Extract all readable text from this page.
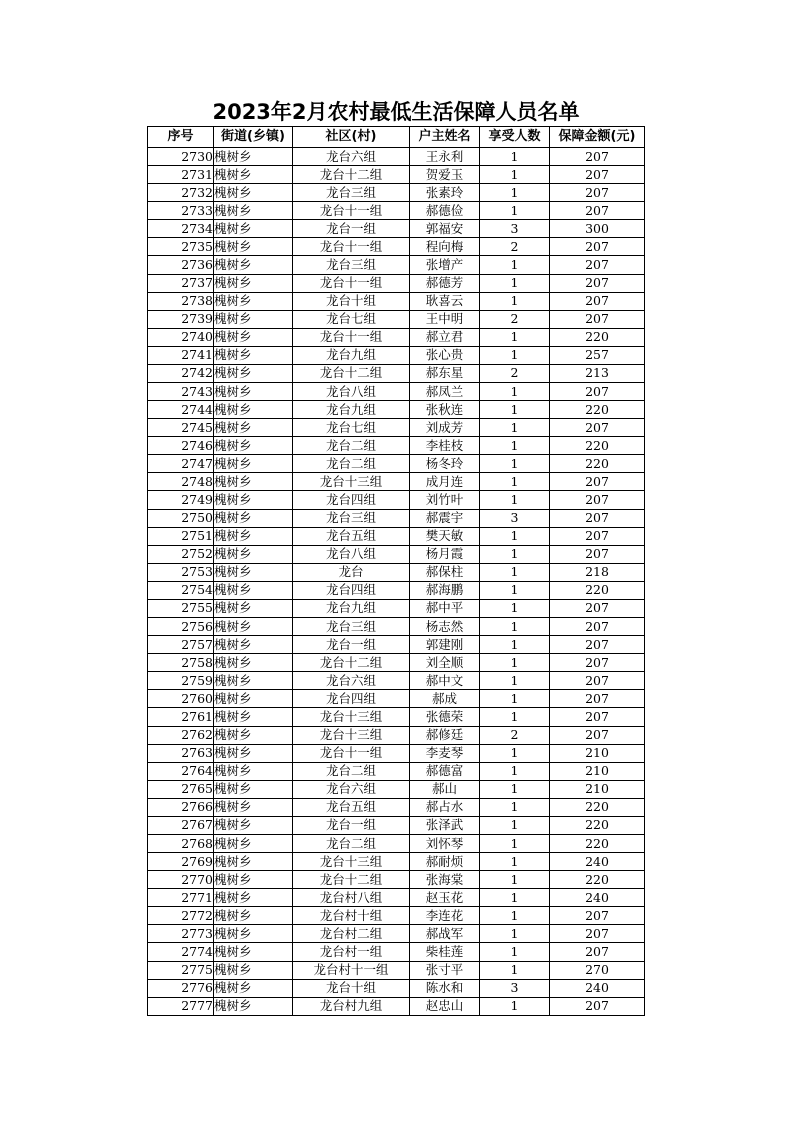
2023年2月农村最低生活保障人员名单
序号	街道(乡镇)	社区(村)	户主姓名	享受人数	保障金额(元)
2730	槐树乡	龙台六组	王永利	1	207
2731	槐树乡	龙台十二组	贺爱玉	1	207
2732	槐树乡	龙台三组	张素玲	1	207
2733	槐树乡	龙台十一组	郝德俭	1	207
2734	槐树乡	龙台一组	郭福安	3	300
2735	槐树乡	龙台十一组	程向梅	2	207
2736	槐树乡	龙台三组	张增产	1	207
2737	槐树乡	龙台十一组	郝德芳	1	207
2738	槐树乡	龙台十组	耿喜云	1	207
2739	槐树乡	龙台七组	王中明	2	207
2740	槐树乡	龙台十一组	郝立君	1	220
2741	槐树乡	龙台九组	张心贵	1	257
2742	槐树乡	龙台十二组	郝东星	2	213
2743	槐树乡	龙台八组	郝凤兰	1	207
2744	槐树乡	龙台九组	张秋连	1	220
2745	槐树乡	龙台七组	刘成芳	1	207
2746	槐树乡	龙台二组	李桂枝	1	220
2747	槐树乡	龙台二组	杨冬玲	1	220
2748	槐树乡	龙台十三组	成月连	1	207
2749	槐树乡	龙台四组	刘竹叶	1	207
2750	槐树乡	龙台三组	郝震宇	3	207
2751	槐树乡	龙台五组	樊天敏	1	207
2752	槐树乡	龙台八组	杨月霞	1	207
2753	槐树乡	龙台	郝保柱	1	218
2754	槐树乡	龙台四组	郝海鹏	1	220
2755	槐树乡	龙台九组	郝中平	1	207
2756	槐树乡	龙台三组	杨志然	1	207
2757	槐树乡	龙台一组	郭建刚	1	207
2758	槐树乡	龙台十二组	刘全顺	1	207
2759	槐树乡	龙台六组	郝中文	1	207
2760	槐树乡	龙台四组	郝成	1	207
2761	槐树乡	龙台十三组	张德荣	1	207
2762	槐树乡	龙台十三组	郝修廷	2	207
2763	槐树乡	龙台十一组	李麦琴	1	210
2764	槐树乡	龙台二组	郝德富	1	210
2765	槐树乡	龙台六组	郝山	1	210
2766	槐树乡	龙台五组	郝占水	1	220
2767	槐树乡	龙台一组	张泽武	1	220
2768	槐树乡	龙台二组	刘怀琴	1	220
2769	槐树乡	龙台十三组	郝耐烦	1	240
2770	槐树乡	龙台十二组	张海棠	1	220
2771	槐树乡	龙台村八组	赵玉花	1	240
2772	槐树乡	龙台村十组	李连花	1	207
2773	槐树乡	龙台村二组	郝战军	1	207
2774	槐树乡	龙台村一组	柴桂莲	1	207
2775	槐树乡	龙台村十一组	张寸平	1	270
2776	槐树乡	龙台十组	陈水和	3	240
2777	槐树乡	龙台村九组	赵忠山	1	207
